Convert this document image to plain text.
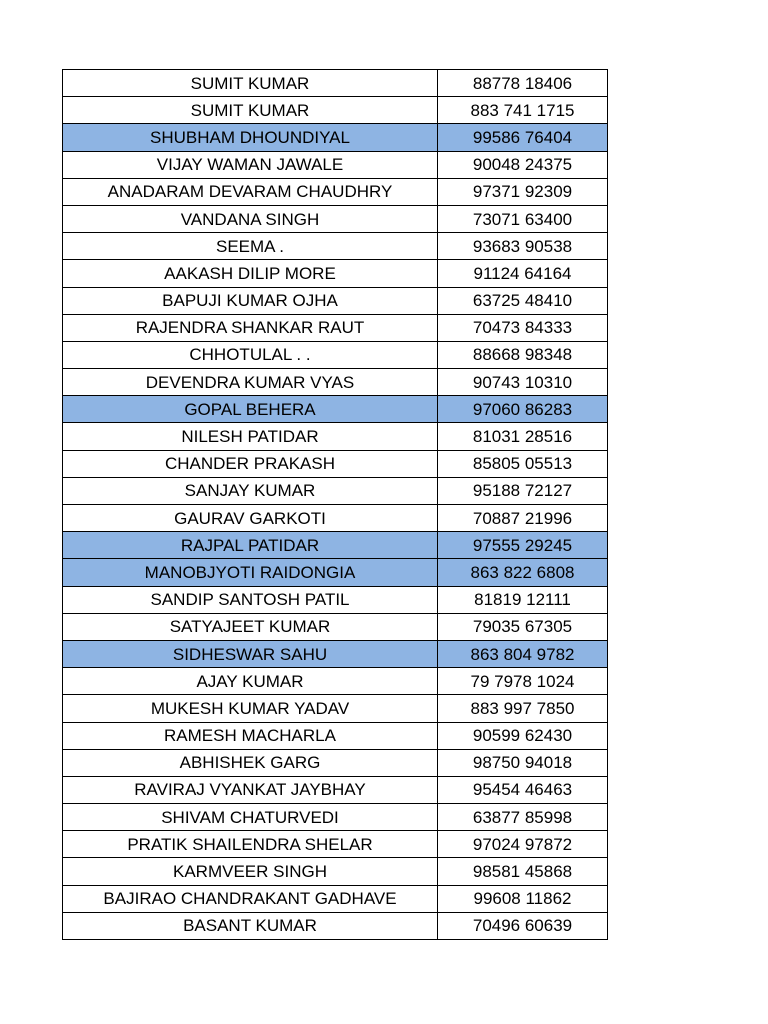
SUMIT KUMAR	88778 18406
SUMIT KUMAR	883 741 1715
SHUBHAM DHOUNDIYAL	99586 76404
VIJAY WAMAN JAWALE	90048 24375
ANADARAM DEVARAM CHAUDHRY	97371 92309
VANDANA SINGH	73071 63400
SEEMA .	93683 90538
AAKASH DILIP MORE	91124 64164
BAPUJI KUMAR OJHA	63725 48410
RAJENDRA SHANKAR RAUT	70473 84333
CHHOTULAL . .	88668 98348
DEVENDRA KUMAR VYAS	90743 10310
GOPAL BEHERA	97060 86283
NILESH PATIDAR	81031 28516
CHANDER PRAKASH	85805 05513
SANJAY KUMAR	95188 72127
GAURAV GARKOTI	70887 21996
RAJPAL PATIDAR	97555 29245
MANOBJYOTI RAIDONGIA	863 822 6808
SANDIP SANTOSH PATIL	81819 12111
SATYAJEET KUMAR	79035 67305
SIDHESWAR SAHU	863 804 9782
AJAY KUMAR	79 7978 1024
MUKESH KUMAR YADAV	883 997 7850
RAMESH MACHARLA	90599 62430
ABHISHEK GARG	98750 94018
RAVIRAJ VYANKAT JAYBHAY	95454 46463
SHIVAM CHATURVEDI	63877 85998
PRATIK SHAILENDRA SHELAR	97024 97872
KARMVEER SINGH	98581 45868
BAJIRAO CHANDRAKANT GADHAVE	99608 11862
BASANT KUMAR	70496 60639
